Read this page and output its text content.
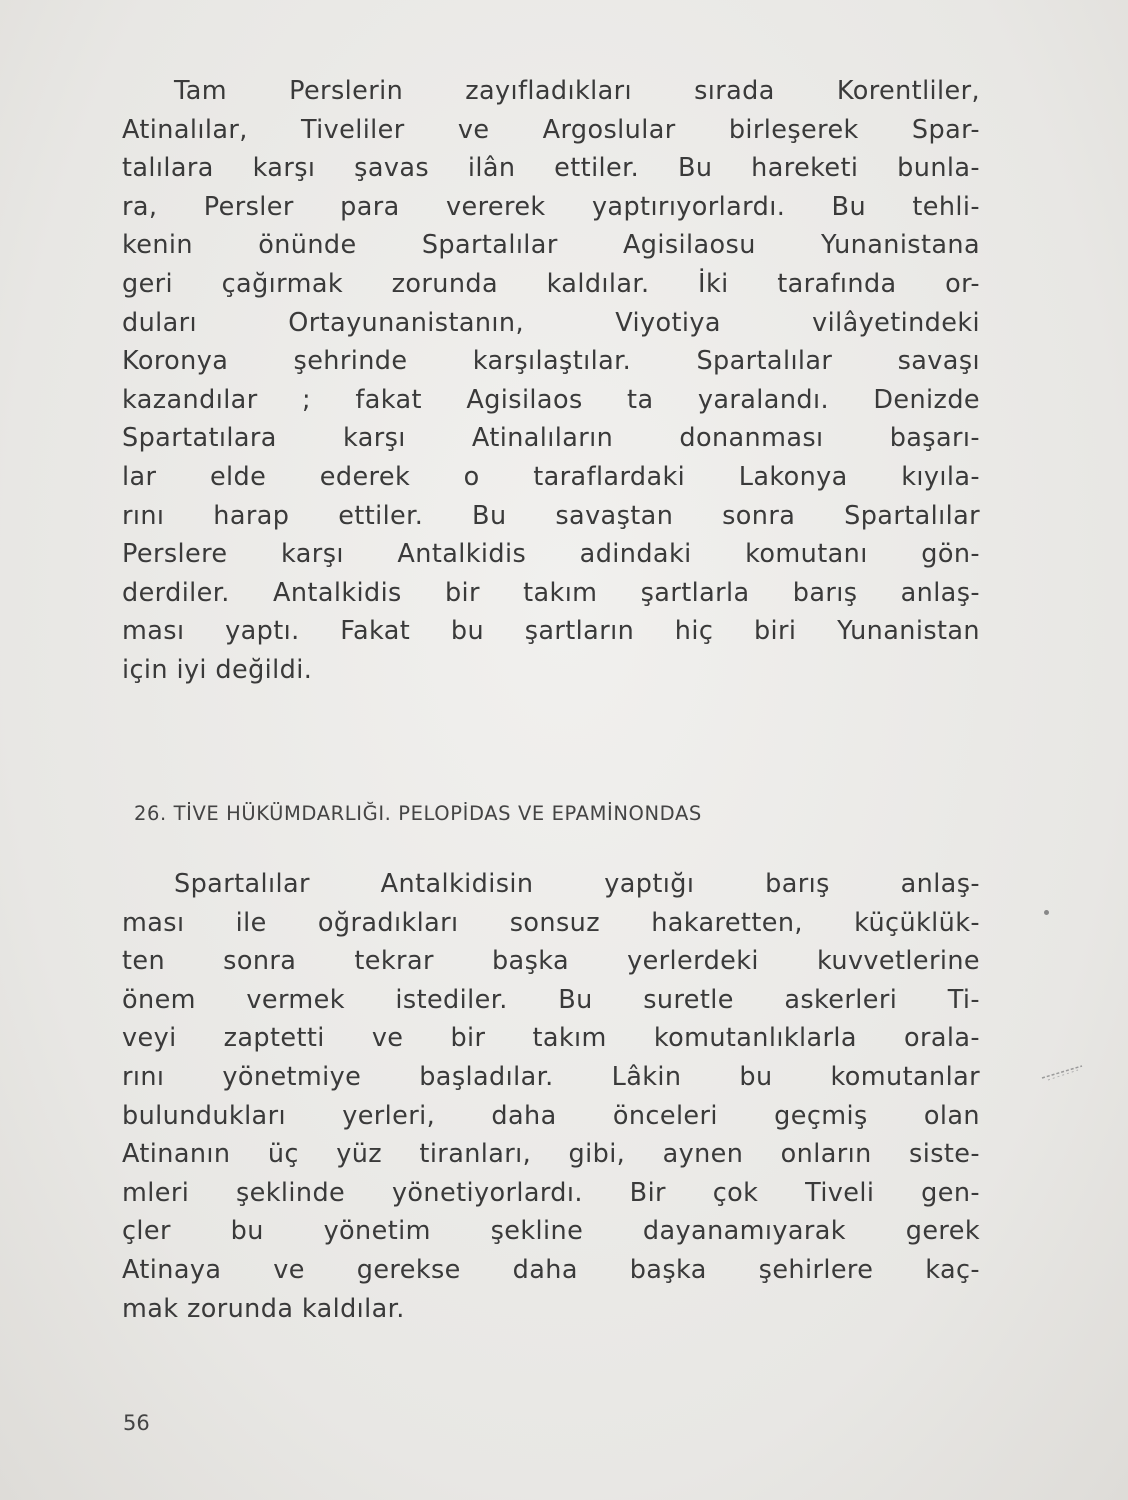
Tam Perslerin zayıfladıkları sırada Korentliler,
Atinalılar, Tiveliler ve Argoslular birleşerek Spar-
talılara karşı şavas ilân ettiler. Bu hareketi bunla-
ra, Persler para vererek yaptırıyorlardı. Bu tehli-
kenin önünde Spartalılar Agisilaosu Yunanistana
geri çağırmak zorunda kaldılar. İki tarafında or-
duları Ortayunanistanın, Viyotiya vilâyetindeki
Koronya şehrinde karşılaştılar. Spartalılar savaşı
kazandılar ; fakat Agisilaos ta yaralandı. Denizde
Spartatılara karşı Atinalıların donanması başarı-
lar elde ederek o taraflardaki Lakonya kıyıla-
rını harap ettiler. Bu savaştan sonra Spartalılar
Perslere karşı Antalkidis adindaki komutanı gön-
derdiler. Antalkidis bir takım şartlarla barış anlaş-
ması yaptı. Fakat bu şartların hiç biri Yunanistan
için iyi değildi.
26. TİVE HÜKÜMDARLIĞI. PELOPİDAS VE EPAMİNONDAS
Spartalılar Antalkidisin yaptığı barış anlaş-
ması ile oğradıkları sonsuz hakaretten, küçüklük-
ten sonra tekrar başka yerlerdeki kuvvetlerine
önem vermek istediler. Bu suretle askerleri Ti-
veyi zaptetti ve bir takım komutanlıklarla orala-
rını yönetmiye başladılar. Lâkin bu komutanlar
bulundukları yerleri, daha önceleri geçmiş olan
Atinanın üç yüz tiranları, gibi, aynen onların siste-
mleri şeklinde yönetiyorlardı. Bir çok Tiveli gen-
çler bu yönetim şekline dayanamıyarak gerek
Atinaya ve gerekse daha başka şehirlere kaç-
mak zorunda kaldılar.
56
